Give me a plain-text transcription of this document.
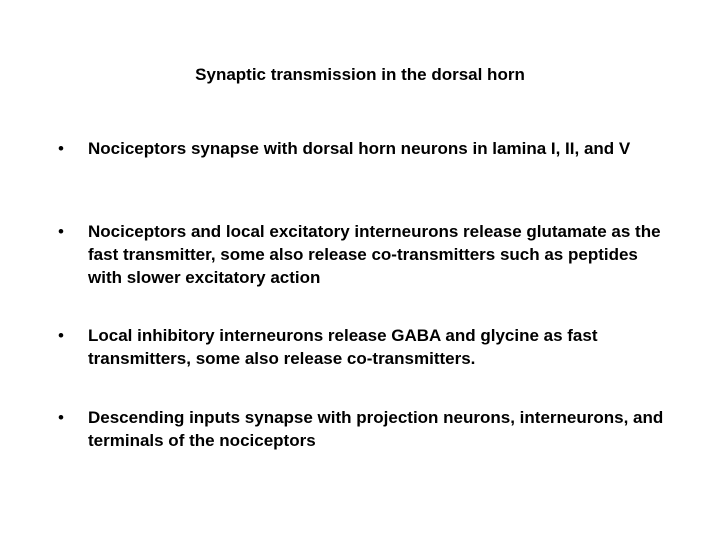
Synaptic transmission in the dorsal horn
•	Nociceptors synapse with dorsal horn neurons in lamina I, II, and V
•	Nociceptors and local excitatory interneurons release glutamate as the fast transmitter, some also release co-transmitters such as peptides with slower excitatory action
•	Local inhibitory interneurons release GABA and glycine as fast transmitters, some also release co-transmitters.
•	Descending inputs synapse with projection neurons, interneurons, and terminals of the nociceptors
